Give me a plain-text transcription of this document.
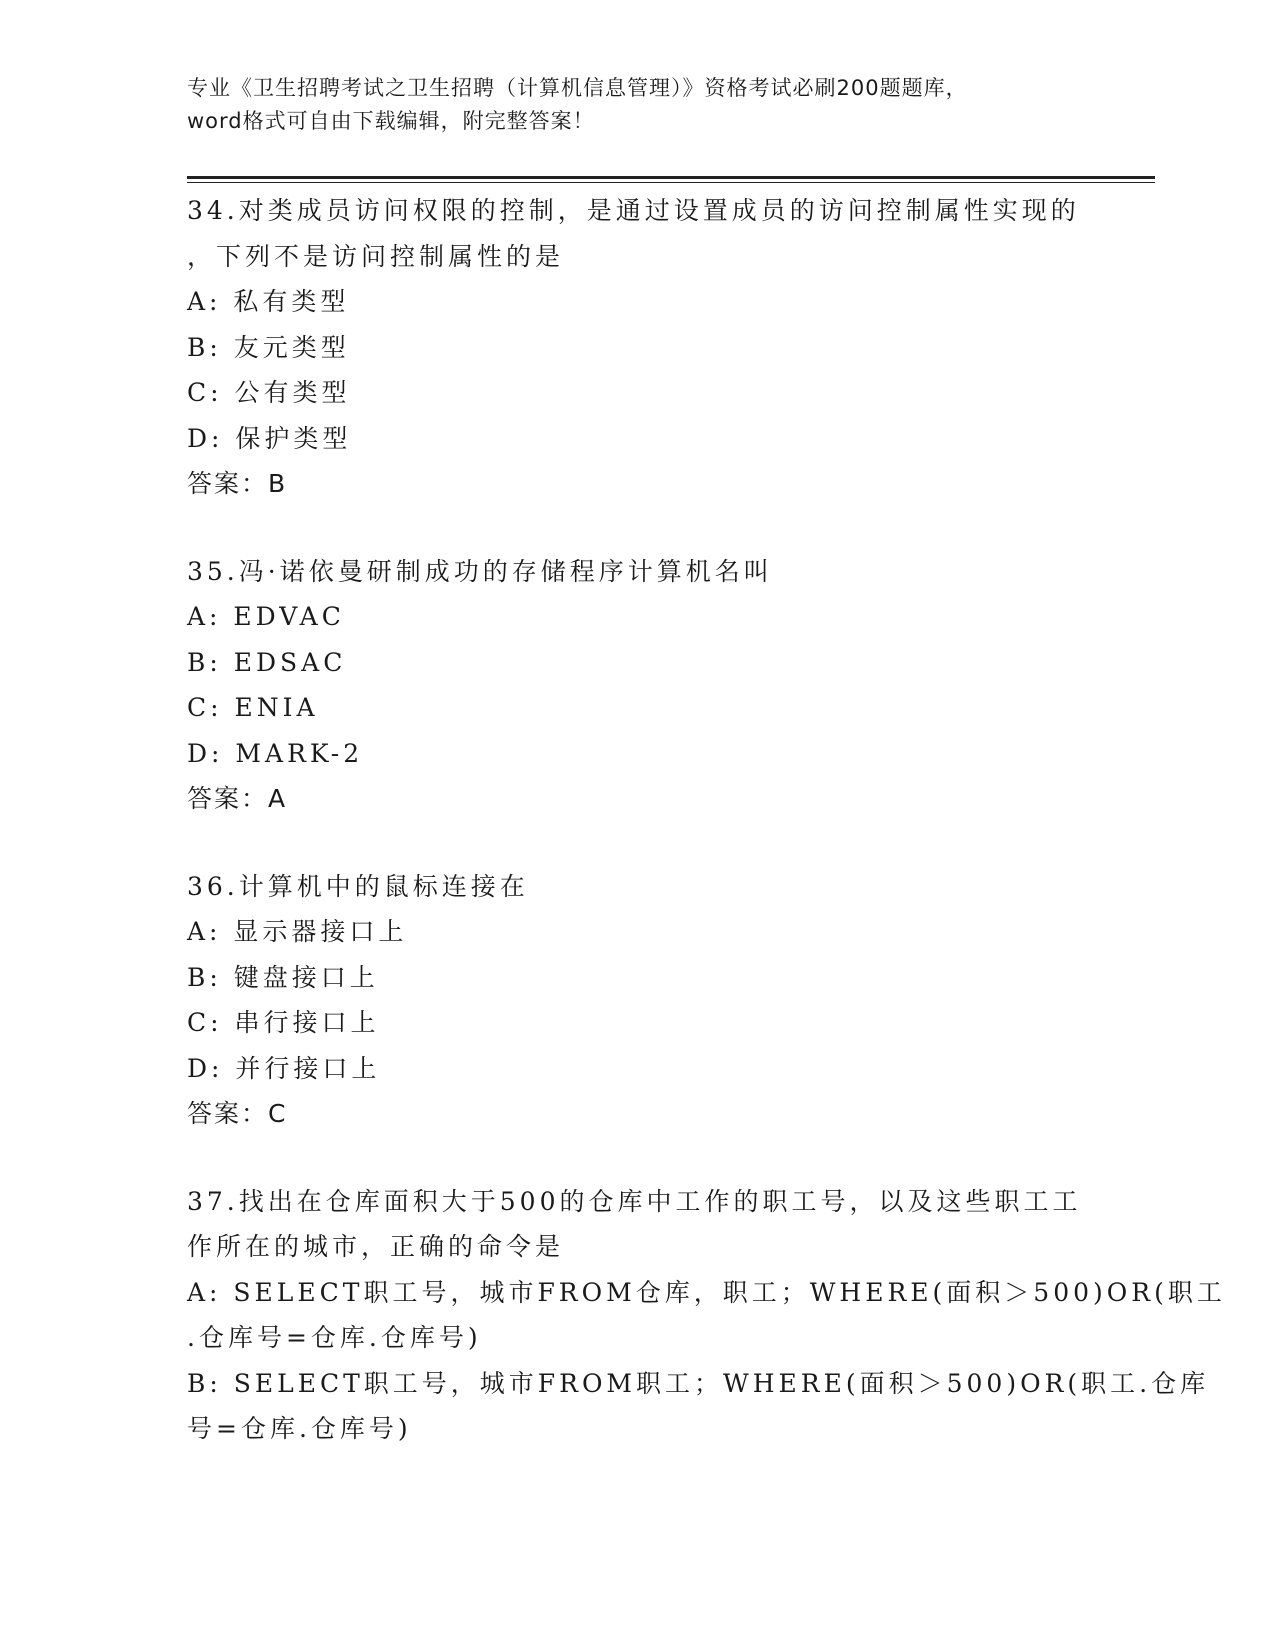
专业《卫生招聘考试之卫生招聘（计算机信息管理）》资格考试必刷200题题库，
word格式可自由下载编辑，附完整答案！
34.对类成员访问权限的控制，是通过设置成员的访问控制属性实现的
，下列不是访问控制属性的是
A: 私有类型
B: 友元类型
C: 公有类型
D: 保护类型
答案：B
35.冯·诺依曼研制成功的存储程序计算机名叫
A: EDVAC
B: EDSAC
C: ENIA
D: MARK-2
答案：A
36.计算机中的鼠标连接在
A: 显示器接口上
B: 键盘接口上
C: 串行接口上
D: 并行接口上
答案：C
37.找出在仓库面积大于500的仓库中工作的职工号，以及这些职工工
作所在的城市，正确的命令是
A: SELECT职工号，城市FROM仓库，职工；WHERE(面积＞500)OR(职工
.仓库号=仓库.仓库号)
B: SELECT职工号，城市FROM职工；WHERE(面积＞500)OR(职工.仓库
号=仓库.仓库号)
